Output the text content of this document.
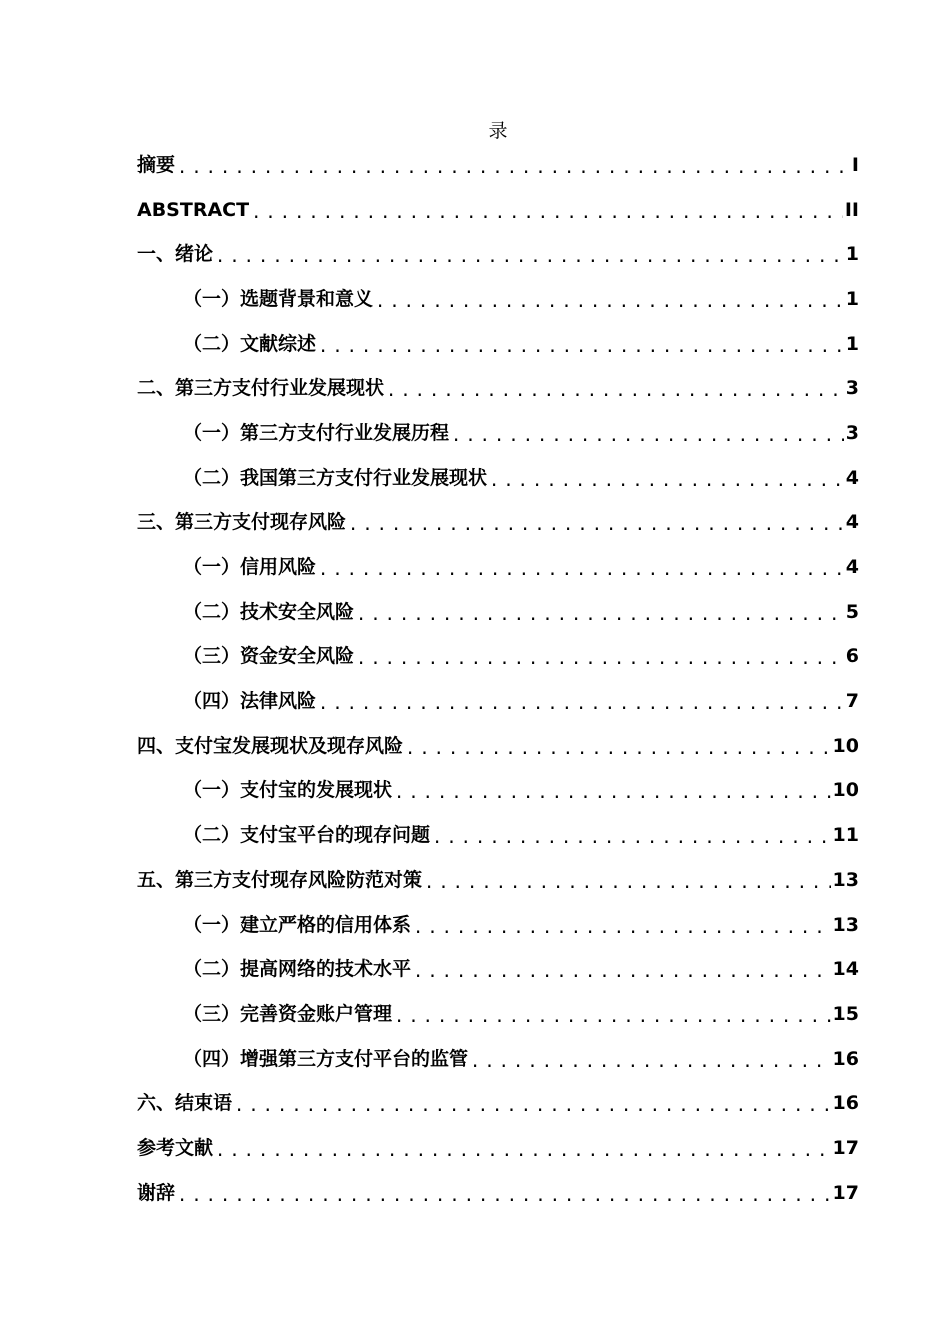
录
摘要 .....	I
ABSTRACT .....	II
一、绪论 .....	1
（一）选题背景和意义 .....	1
（二）文献综述 .....	1
二、第三方支付行业发展现状 .....	3
（一）第三方支付行业发展历程 .....	3
（二）我国第三方支付行业发展现状 .....	4
三、第三方支付现存风险 .....	4
（一）信用风险 .....	4
（二）技术安全风险 .....	5
（三）资金安全风险 .....	6
（四）法律风险 .....	7
四、支付宝发展现状及现存风险 .....	10
（一）支付宝的发展现状 .....	10
（二）支付宝平台的现存问题 .....	11
五、第三方支付现存风险防范对策 .....	13
（一）建立严格的信用体系 .....	13
（二）提高网络的技术水平 .....	14
（三）完善资金账户管理 .....	15
（四）增强第三方支付平台的监管 .....	16
六、结束语 .....	16
参考文献 .....	17
谢辞 .....	17
